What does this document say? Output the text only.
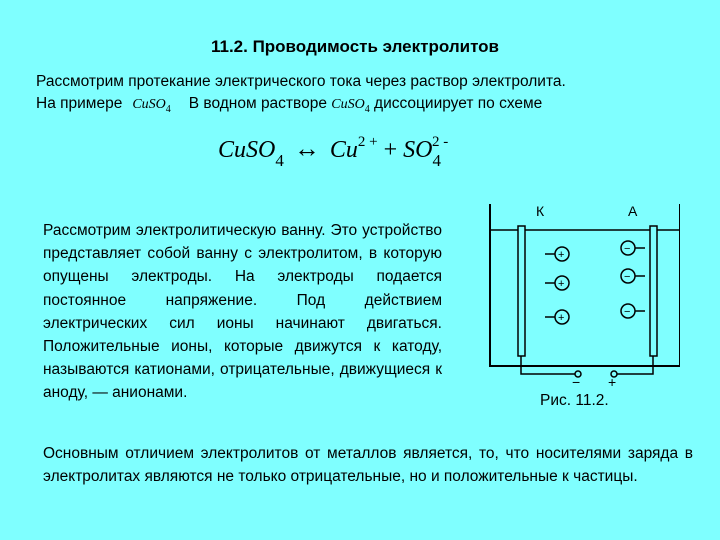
11.2. Проводимость электролитов
Рассмотрим протекание электрического тока через раствор электролита.
На примере CuSO$_4$ В водном растворе CuSO$_4$ диссоциирует по схеме
CuSO$_4$ ↔ $Cu^{2 +} + SO_4^{2 -}$
Рассмотрим электролитическую ванну. Это устройство представляет собой ванну с электролитом, в которую опущены электроды. На электроды подается постоянное напряжение. Под действием электрических сил ионы начинают двигаться. Положительные ионы, которые движутся к катоду, называются катионами, отрицательные, движущиеся к аноду, — анионами.
К	А
− +
+
+
+
−
−
−
Рис. 11.2.
Основным отличием электролитов от металлов является, то, что носителями заряда в электролитах являются не только отрицательные, но и положительные к частицы.
